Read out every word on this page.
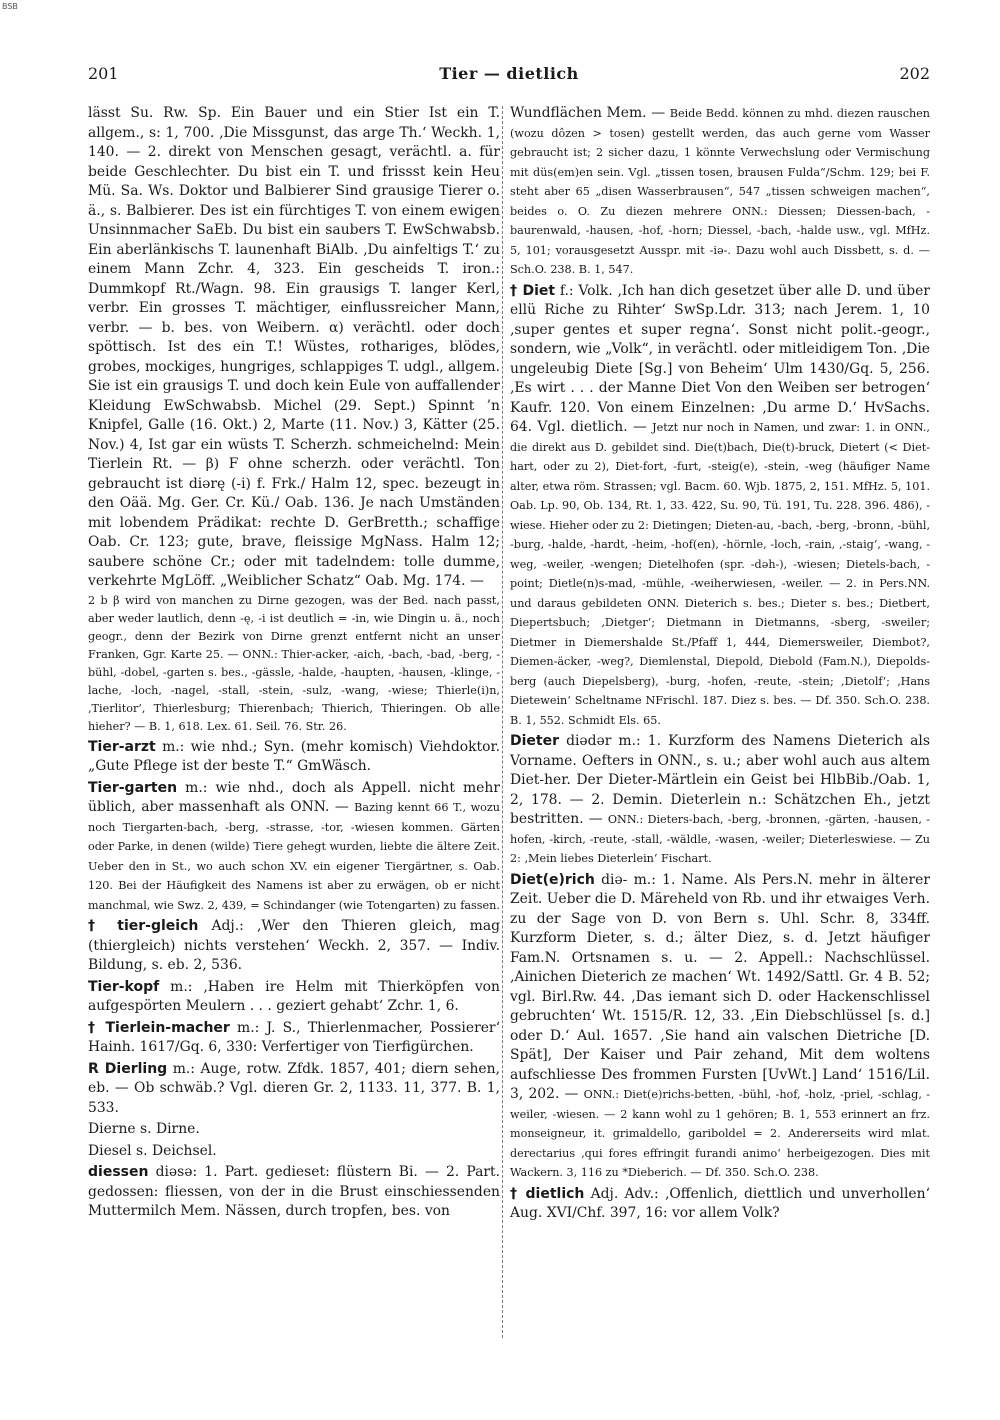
BSB
201	Tier — dietlich	202

lässt Su. Rw. Sp. Ein Bauer und ein Stier Ist ein T. allgem., s: 1, 700. ‚Die Missgunst, das arge Th.‘ Weckh. 1, 140. — 2. direkt von Menschen gesagt, verächtl. a. für beide Geschlechter. Du bist ein T. und frissst kein Heu Mü. Sa. Ws. Doktor und Balbierer Sind grausige Tierer o. ä., s. Balbierer. Des ist ein fürchtiges T. von einem ewigen Unsinnmacher SaEb. Du bist ein saubers T. EwSchwabsb. Ein aberlänkischs T. launenhaft BiAlb. ‚Du ainfeltigs T.‘ zu einem Mann Zchr. 4, 323. Ein gescheids T. iron.: Dummkopf Rt./Wagn. 98. Ein grausigs T. langer Kerl, verbr. Ein grosses T. mächtiger, einflussreicher Mann, verbr. — b. bes. von Weibern. α) verächtl. oder doch spöttisch. Ist des ein T.! Wüstes, rothariges, blödes, grobes, mockiges, hungriges, schlappiges T. udgl., allgem. Sie ist ein grausigs T. und doch kein Eule von auffallender Kleidung EwSchwabsb. Michel (29. Sept.) Spinnt ’n Knipfel, Galle (16. Okt.) 2, Marte (11. Nov.) 3, Kätter (25. Nov.) 4, Ist gar ein wüsts T. Scherzh. schmeichelnd: Mein Tierlein Rt. — β) F ohne scherzh. oder verächtl. Ton gebraucht ist diərę (-i) f. Frk./ Halm 12, spec. bezeugt in den Oää. Mg. Ger. Cr. Kü./ Oab. 136. Je nach Umständen mit lobendem Prädikat: rechte D. GerBretth.; schaffige Oab. Cr. 123; gute, brave, fleissige MgNass. Halm 12; saubere schöne Cr.; oder mit tadelndem: tolle dumme, verkehrte MgLöff. „Weiblicher Schatz“ Oab. Mg. 174. —

2 b β wird von manchen zu Dirne gezogen, was der Bed. nach passt, aber weder lautlich, denn -ę, -i ist deutlich = -in, wie Dingin u. ä., noch geogr., denn der Bezirk von Dirne grenzt entfernt nicht an unser Franken, Ggr. Karte 25. — ONN.: Thier-acker, -aich, -bach, -bad, -berg, -bühl, -dobel, -garten s. bes., -gässle, -halde, -haupten, -hausen, -klinge, -lache, -loch, -nagel, -stall, -stein, -sulz, -wang, -wiese; Thierle(i)n, ‚Tierlitor‘, Thierlesburg; Thierenbach; Thierich, Thieringen. Ob alle hieher? — B. 1, 618. Lex. 61. Seil. 76. Str. 26.

Tier-arzt m.: wie nhd.; Syn. (mehr komisch) Viehdoktor. „Gute Pflege ist der beste T.“ GmWäsch.

Tier-garten m.: wie nhd., doch als Appell. nicht mehr üblich, aber massenhaft als ONN. — Bazing kennt 66 T., wozu noch Tiergarten-bach, -berg, -strasse, -tor, -wiesen kommen. Gärten oder Parke, in denen (wilde) Tiere gehegt wurden, liebte die ältere Zeit. Ueber den in St., wo auch schon XV. ein eigener Tiergärtner, s. Oab. 120. Bei der Häufigkeit des Namens ist aber zu erwägen, ob er nicht manchmal, wie Swz. 2, 439, = Schindanger (wie Totengarten) zu fassen.

† tier-gleich Adj.: ‚Wer den Thieren gleich, mag (thiergleich) nichts verstehen‘ Weckh. 2, 357. — Indiv. Bildung, s. eb. 2, 536.

Tier-kopf m.: ‚Haben ire Helm mit Thierköpfen von aufgespörten Meulern . . . geziert gehabt‘ Zchr. 1, 6.

† Tierlein-macher m.: J. S., Thierlenmacher, Possierer‘ Hainh. 1617/Gq. 6, 330: Verfertiger von Tierfigürchen.

R Dierling m.: Auge, rotw. Zfdk. 1857, 401; diern sehen, eb. — Ob schwäb.? Vgl. dieren Gr. 2, 1133. 11, 377. B. 1, 533.

Dierne s. Dirne.

Diesel s. Deichsel.

diessen diəsə: 1. Part. gedieset: flüstern Bi. — 2. Part. gedossen: fliessen, von der in die Brust einschiessenden Muttermilch Mem. Nässen, durch tropfen, bes. von

Wundflächen Mem. — Beide Bedd. können zu mhd. diezen rauschen (wozu dôzen > tosen) gestellt werden, das auch gerne vom Wasser gebraucht ist; 2 sicher dazu, 1 könnte Verwechslung oder Vermischung mit düs(em)en sein. Vgl. „tissen tosen, brausen Fulda“/Schm. 129; bei F. steht aber 65 „disen Wasserbrausen“, 547 „tissen schweigen machen“, beides o. O. Zu diezen mehrere ONN.: Diessen; Diessen-bach, -baurenwald, -hausen, -hof, -horn; Diessel, -bach, -halde usw., vgl. MfHz. 5, 101; vorausgesetzt Ausspr. mit -iə-. Dazu wohl auch Dissbett, s. d. — Sch.O. 238. B. 1, 547.

† Diet f.: Volk. ‚Ich han dich gesetzet über alle D. und über ellü Riche zu Rihter‘ SwSp.Ldr. 313; nach Jerem. 1, 10 ‚super gentes et super regna‘. Sonst nicht polit.-geogr., sondern, wie „Volk“, in verächtl. oder mitleidigem Ton. ‚Die ungeleubig Diete [Sg.] von Beheim‘ Ulm 1430/Gq. 5, 256. ‚Es wirt . . . der Manne Diet Von den Weiben ser betrogen‘ Kaufr. 120. Von einem Einzelnen: ‚Du arme D.‘ HvSachs. 64. Vgl. dietlich. — Jetzt nur noch in Namen, und zwar: 1. in ONN., die direkt aus D. gebildet sind. Die(t)bach, Die(t)-bruck, Dietert (< Diet-hart, oder zu 2), Diet-fort, -furt, -steig(e), -stein, -weg (häufiger Name alter, etwa röm. Strassen; vgl. Bacm. 60. Wjb. 1875, 2, 151. MfHz. 5, 101. Oab. Lp. 90, Ob. 134, Rt. 1, 33. 422, Su. 90, Tü. 191, Tu. 228. 396. 486), -wiese. Hieher oder zu 2: Dietingen; Dieten-au, -bach, -berg, -bronn, -bühl, -burg, -halde, -hardt, -heim, -hof(en), -hörnle, -loch, -rain, ‚-staig‘, -wang, -weg, -weiler, -wengen; Dietelhofen (spr. -dəh-), -wiesen; Dietels-bach, -point; Dietle(n)s-mad, -mühle, -weiherwiesen, -weiler. — 2. in Pers.NN. und daraus gebildeten ONN. Dieterich s. bes.; Dieter s. bes.; Dietbert, Diepertsbuch; ‚Dietger‘; Dietmann in Dietmanns, -sberg, -sweiler; Dietmer in Diemershalde St./Pfaff 1, 444, Diemersweiler, Diembot?, Diemen-äcker, -weg?, Diemlenstal, Diepold, Diebold (Fam.N.), Diepolds-berg (auch Diepelsberg), -burg, -hofen, -reute, -stein; ‚Dietolf‘; ‚Hans Dietewein‘ Scheltname NFrischl. 187. Diez s. bes. — Df. 350. Sch.O. 238. B. 1, 552. Schmidt Els. 65.

Dieter diədər m.: 1. Kurzform des Namens Dieterich als Vorname. Oefters in ONN., s. u.; aber wohl auch aus altem Diet-her. Der Dieter-Märtlein ein Geist bei HlbBib./Oab. 1, 2, 178. — 2. Demin. Dieterlein n.: Schätzchen Eh., jetzt bestritten. — ONN.: Dieters-bach, -berg, -bronnen, -gärten, -hausen, -hofen, -kirch, -reute, -stall, -wäldle, -wasen, -weiler; Dieterleswiese. — Zu 2: ‚Mein liebes Dieterlein‘ Fischart.

Diet(e)rich diə- m.: 1. Name. Als Pers.N. mehr in älterer Zeit. Ueber die D. Märeheld von Rb. und ihr etwaiges Verh. zu der Sage von D. von Bern s. Uhl. Schr. 8, 334ff. Kurzform Dieter, s. d.; älter Diez, s. d. Jetzt häufiger Fam.N. Ortsnamen s. u. — 2. Appell.: Nachschlüssel. ‚Ainichen Dieterich ze machen‘ Wt. 1492/Sattl. Gr. 4 B. 52; vgl. Birl.Rw. 44. ‚Das iemant sich D. oder Hackenschlissel gebruchten‘ Wt. 1515/R. 12, 33. ‚Ein Diebschlüssel [s. d.] oder D.‘ Aul. 1657. ‚Sie hand ain valschen Dietriche [D. Spät], Der Kaiser und Pair zehand, Mit dem woltens aufschliesse Des frommen Fursten [UvWt.] Land‘ 1516/Lil. 3, 202. — ONN.: Diet(e)richs-betten, -bühl, -hof, -holz, -priel, -schlag, -weiler, -wiesen. — 2 kann wohl zu 1 gehören; B. 1, 553 erinnert an frz. monseigneur, it. grimaldello, gariboldel = 2. Andererseits wird mlat. derectarius ‚qui fores effringit furandi animo‘ herbeigezogen. Dies mit Wackern. 3, 116 zu *Dieberich. — Df. 350. Sch.O. 238.

† dietlich Adj. Adv.: ‚Offenlich, diettlich und unverhollen‘ Aug. XVI/Chf. 397, 16: vor allem Volk?
